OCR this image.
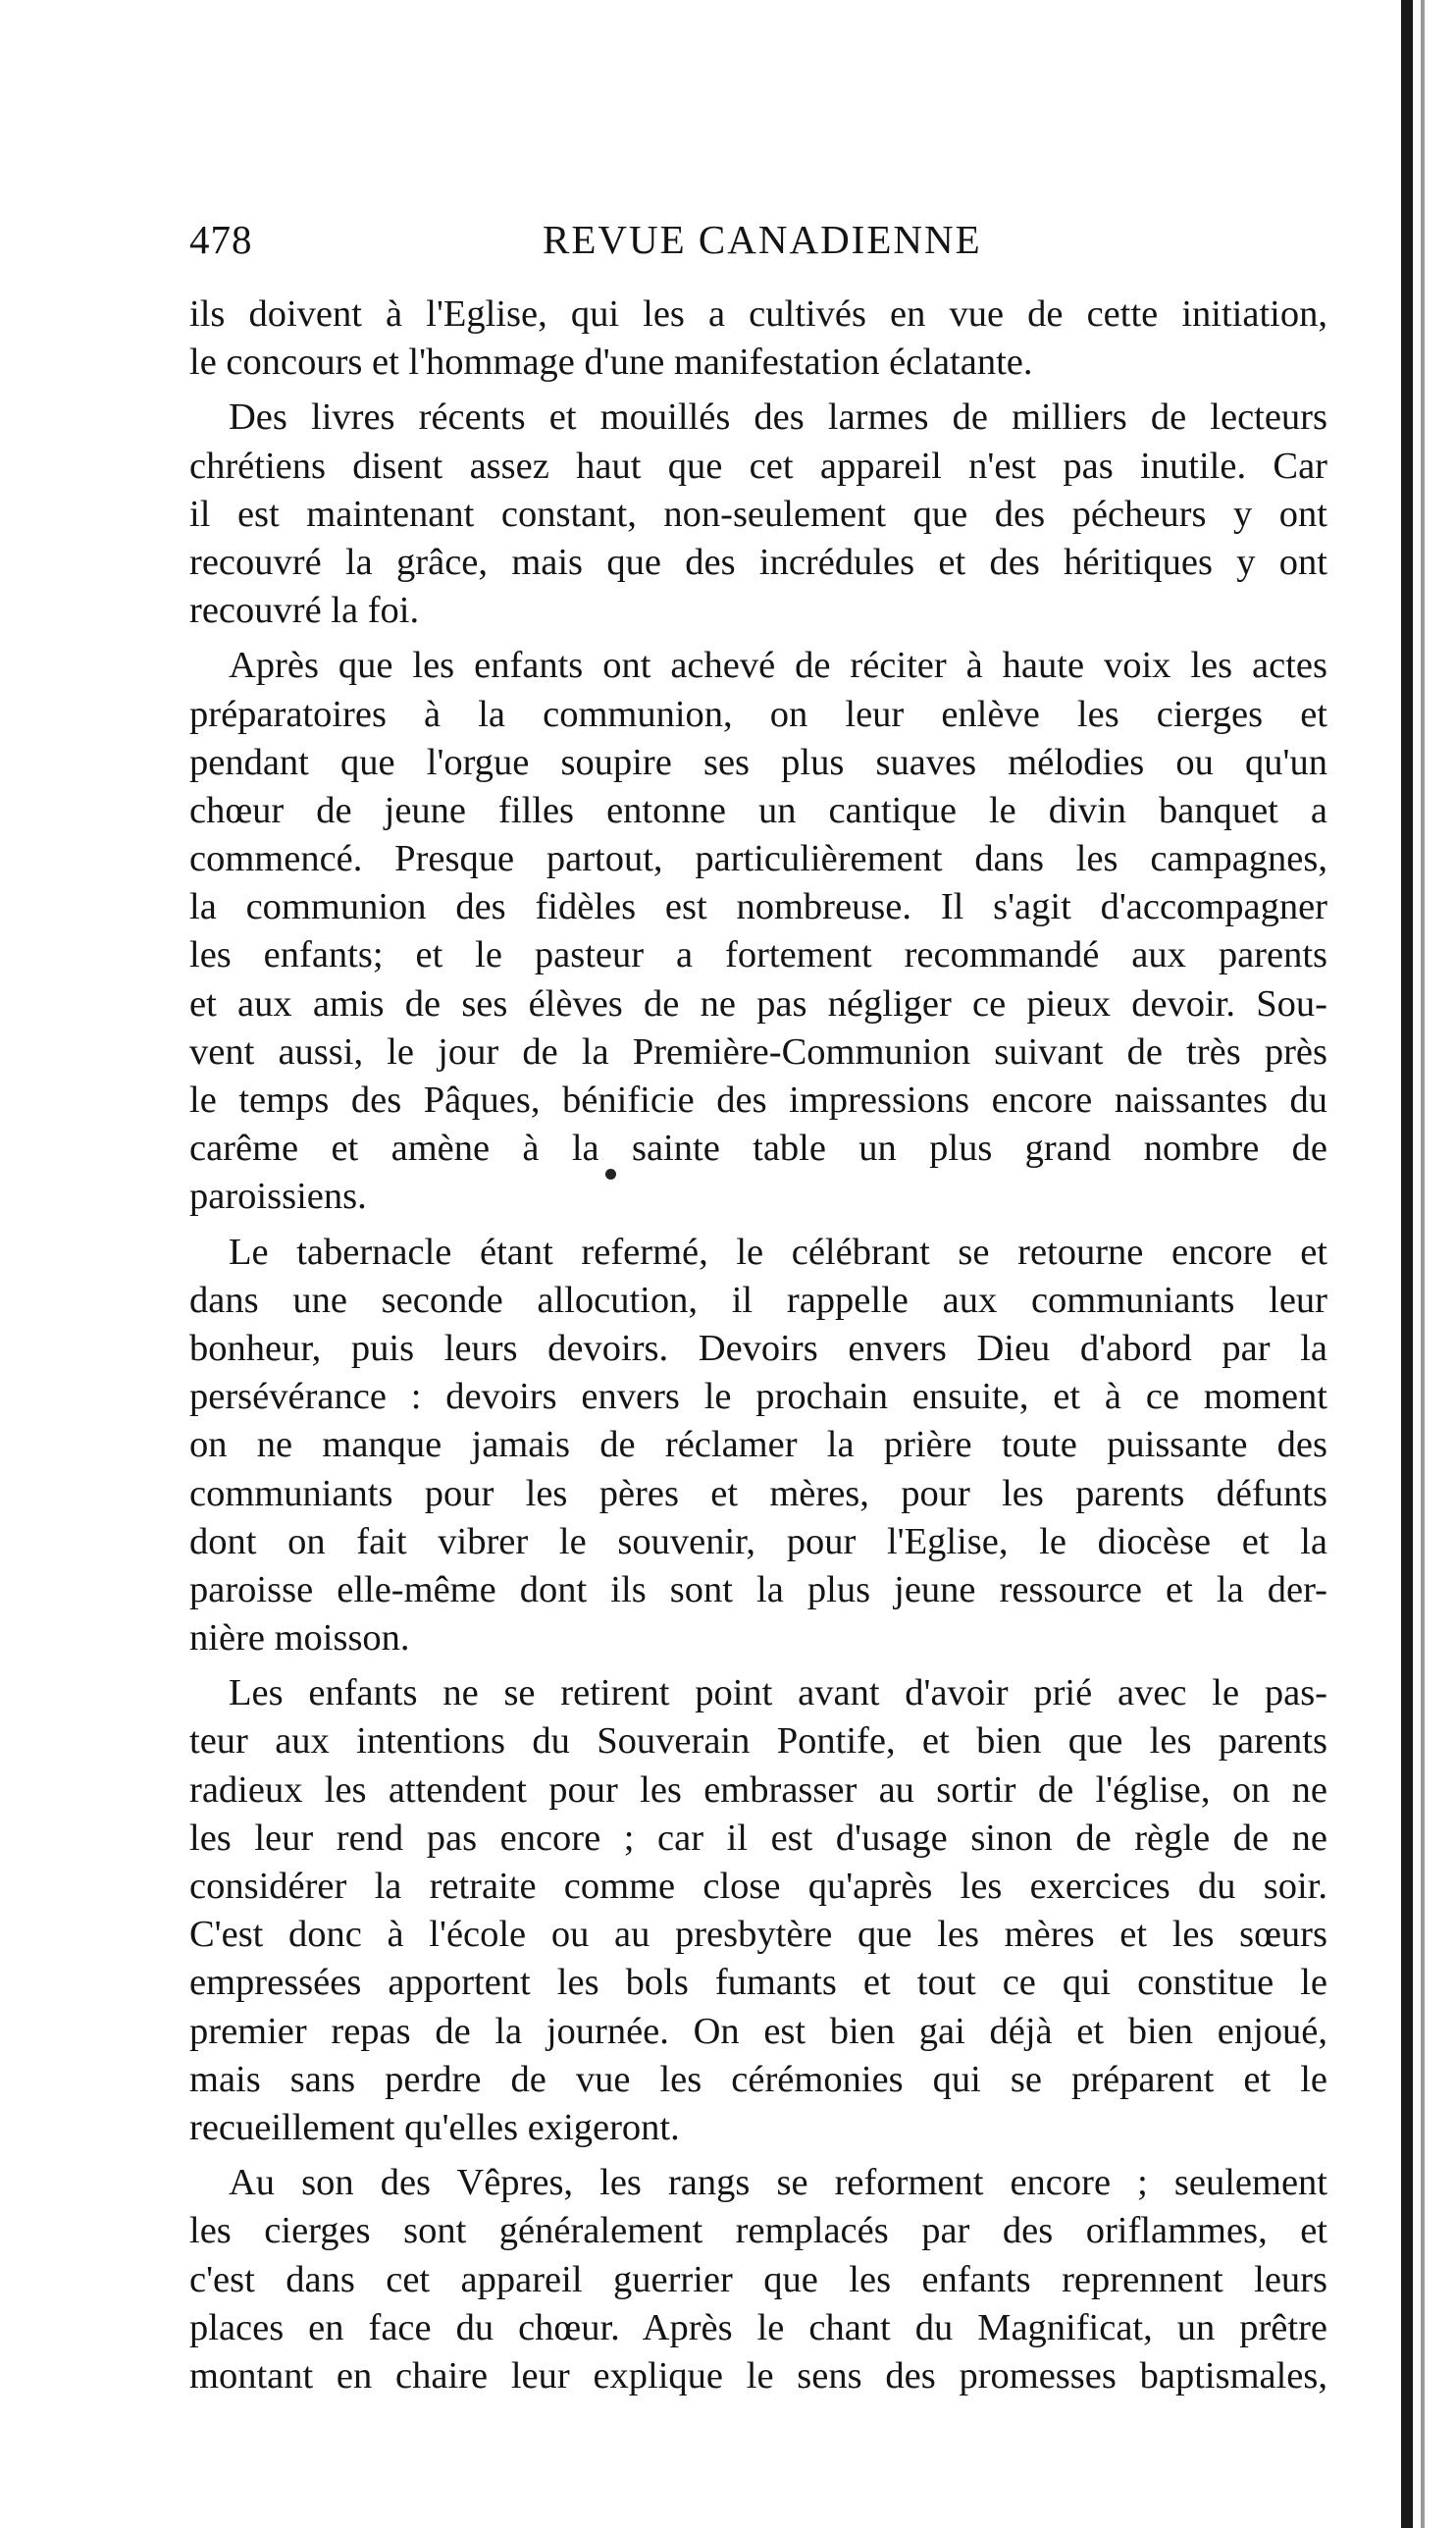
478	REVUE CANADIENNE
ils doivent à l'Eglise, qui les a cultivés en vue de cette initiation,
le concours et l'hommage d'une manifestation éclatante.
Des livres récents et mouillés des larmes de milliers de lecteurs
chrétiens disent assez haut que cet appareil n'est pas inutile. Car
il est maintenant constant, non-seulement que des pécheurs y ont
recouvré la grâce, mais que des incrédules et des héritiques y ont
recouvré la foi.
Après que les enfants ont achevé de réciter à haute voix les actes
préparatoires à la communion, on leur enlève les cierges et
pendant que l'orgue soupire ses plus suaves mélodies ou qu'un
chœur de jeune filles entonne un cantique le divin banquet a
commencé. Presque partout, particulièrement dans les campagnes,
la communion des fidèles est nombreuse. Il s'agit d'accompagner
les enfants; et le pasteur a fortement recommandé aux parents
et aux amis de ses élèves de ne pas négliger ce pieux devoir. Sou-
vent aussi, le jour de la Première-Communion suivant de très près
le temps des Pâques, bénificie des impressions encore naissantes du
carême et amène à la sainte table un plus grand nombre de
paroissiens.
Le tabernacle étant refermé, le célébrant se retourne encore et
dans une seconde allocution, il rappelle aux communiants leur
bonheur, puis leurs devoirs. Devoirs envers Dieu d'abord par la
persévérance : devoirs envers le prochain ensuite, et à ce moment
on ne manque jamais de réclamer la prière toute puissante des
communiants pour les pères et mères, pour les parents défunts
dont on fait vibrer le souvenir, pour l'Eglise, le diocèse et la
paroisse elle-même dont ils sont la plus jeune ressource et la der-
nière moisson.
Les enfants ne se retirent point avant d'avoir prié avec le pas-
teur aux intentions du Souverain Pontife, et bien que les parents
radieux les attendent pour les embrasser au sortir de l'église, on ne
les leur rend pas encore ; car il est d'usage sinon de règle de ne
considérer la retraite comme close qu'après les exercices du soir.
C'est donc à l'école ou au presbytère que les mères et les sœurs
empressées apportent les bols fumants et tout ce qui constitue le
premier repas de la journée. On est bien gai déjà et bien enjoué,
mais sans perdre de vue les cérémonies qui se préparent et le
recueillement qu'elles exigeront.
Au son des Vêpres, les rangs se reforment encore ; seulement
les cierges sont généralement remplacés par des oriflammes, et
c'est dans cet appareil guerrier que les enfants reprennent leurs
places en face du chœur. Après le chant du Magnificat, un prêtre
montant en chaire leur explique le sens des promesses baptismales,
